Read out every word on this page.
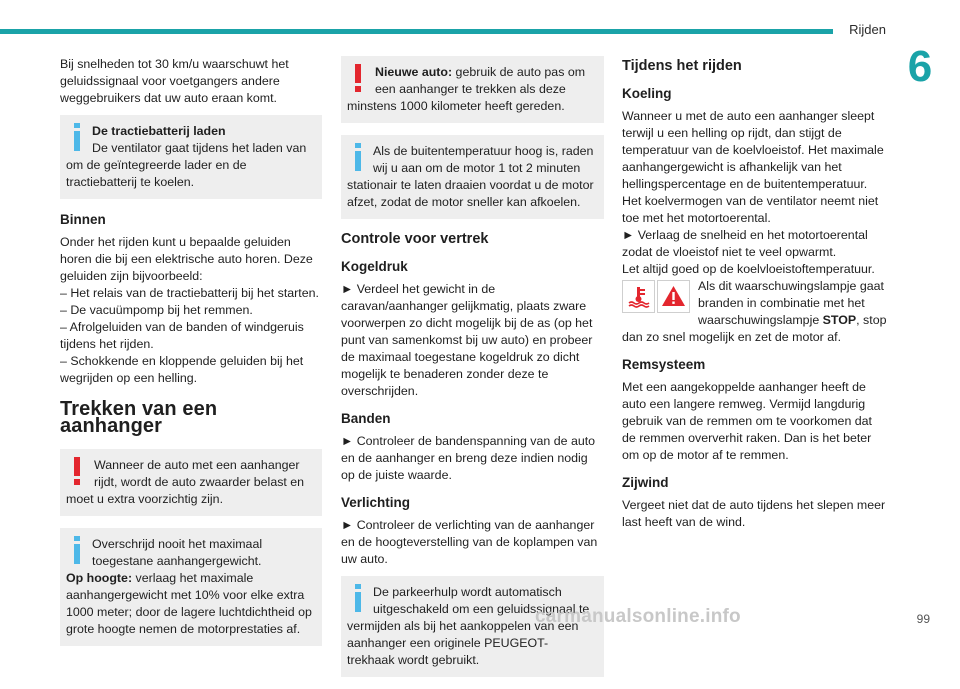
Rijden
6

Bij snelheden tot 30 km/u waarschuwt het geluidssignaal voor voetgangers andere weggebruikers dat uw auto eraan komt.

De tractiebatterij laden
De ventilator gaat tijdens het laden van om de geïntegreerde lader en de tractiebatterij te koelen.
Binnen

Onder het rijden kunt u bepaalde geluiden horen die bij een elektrische auto horen. Deze geluiden zijn bijvoorbeeld:

– Het relais van de tractiebatterij bij het starten.
– De vacuümpomp bij het remmen.
– Afrolgeluiden van de banden of windgeruis tijdens het rijden.
– Schokkende en kloppende geluiden bij het wegrijden op een helling.
Trekken van een aanhanger
Wanneer de auto met een aanhanger rijdt, wordt de auto zwaarder belast en moet u extra voorzichtig zijn.
Overschrijd nooit het maximaal toegestane aanhangergewicht.
Op hoogte: verlaag het maximale aanhangergewicht met 10% voor elke extra 1000 meter; door de lagere luchtdichtheid op grote hoogte nemen de motorprestaties af.
Nieuwe auto: gebruik de auto pas om een aanhanger te trekken als deze minstens 1000 kilometer heeft gereden.
Als de buitentemperatuur hoog is, raden wij u aan om de motor 1 tot 2 minuten stationair te laten draaien voordat u de motor afzet, zodat de motor sneller kan afkoelen.
Controle voor vertrek
Kogeldruk

► Verdeel het gewicht in de caravan/aanhanger gelijkmatig, plaats zware voorwerpen zo dicht mogelijk bij de as (op het punt van samenkomst bij uw auto) en probeer de maximaal toegestane kogeldruk zo dicht mogelijk te benaderen zonder deze te overschrijden.

Banden

► Controleer de bandenspanning van de auto en de aanhanger en breng deze indien nodig op de juiste waarde.

Verlichting

► Controleer de verlichting van de aanhanger en de hoogteverstelling van de koplampen van uw auto.

De parkeerhulp wordt automatisch uitgeschakeld om een geluidssignaal te vermijden als bij het aankoppelen van een aanhanger een originele PEUGEOT-trekhaak wordt gebruikt.
Tijdens het rijden
Koeling

Wanneer u met de auto een aanhanger sleept terwijl u een helling op rijdt, dan stijgt de temperatuur van de koelvloeistof. Het maximale aanhangergewicht is afhankelijk van het hellingspercentage en de buitentemperatuur. Het koelvermogen van de ventilator neemt niet toe met het motortoerental.

► Verlaag de snelheid en het motortoerental zodat de vloeistof niet te veel opwarmt.

Let altijd goed op de koelvloeistoftemperatuur.

Als dit waarschuwingslampje gaat branden in combinatie met het waarschuwingslampje STOP, stop dan zo snel mogelijk en zet de motor af.
Remsysteem

Met een aangekoppelde aanhanger heeft de auto een langere remweg. Vermijd langdurig gebruik van de remmen om te voorkomen dat de remmen oververhit raken. Dan is het beter om op de motor af te remmen.

Zijwind

Vergeet niet dat de auto tijdens het slepen meer last heeft van de wind.

carmanualsonline.info	99
